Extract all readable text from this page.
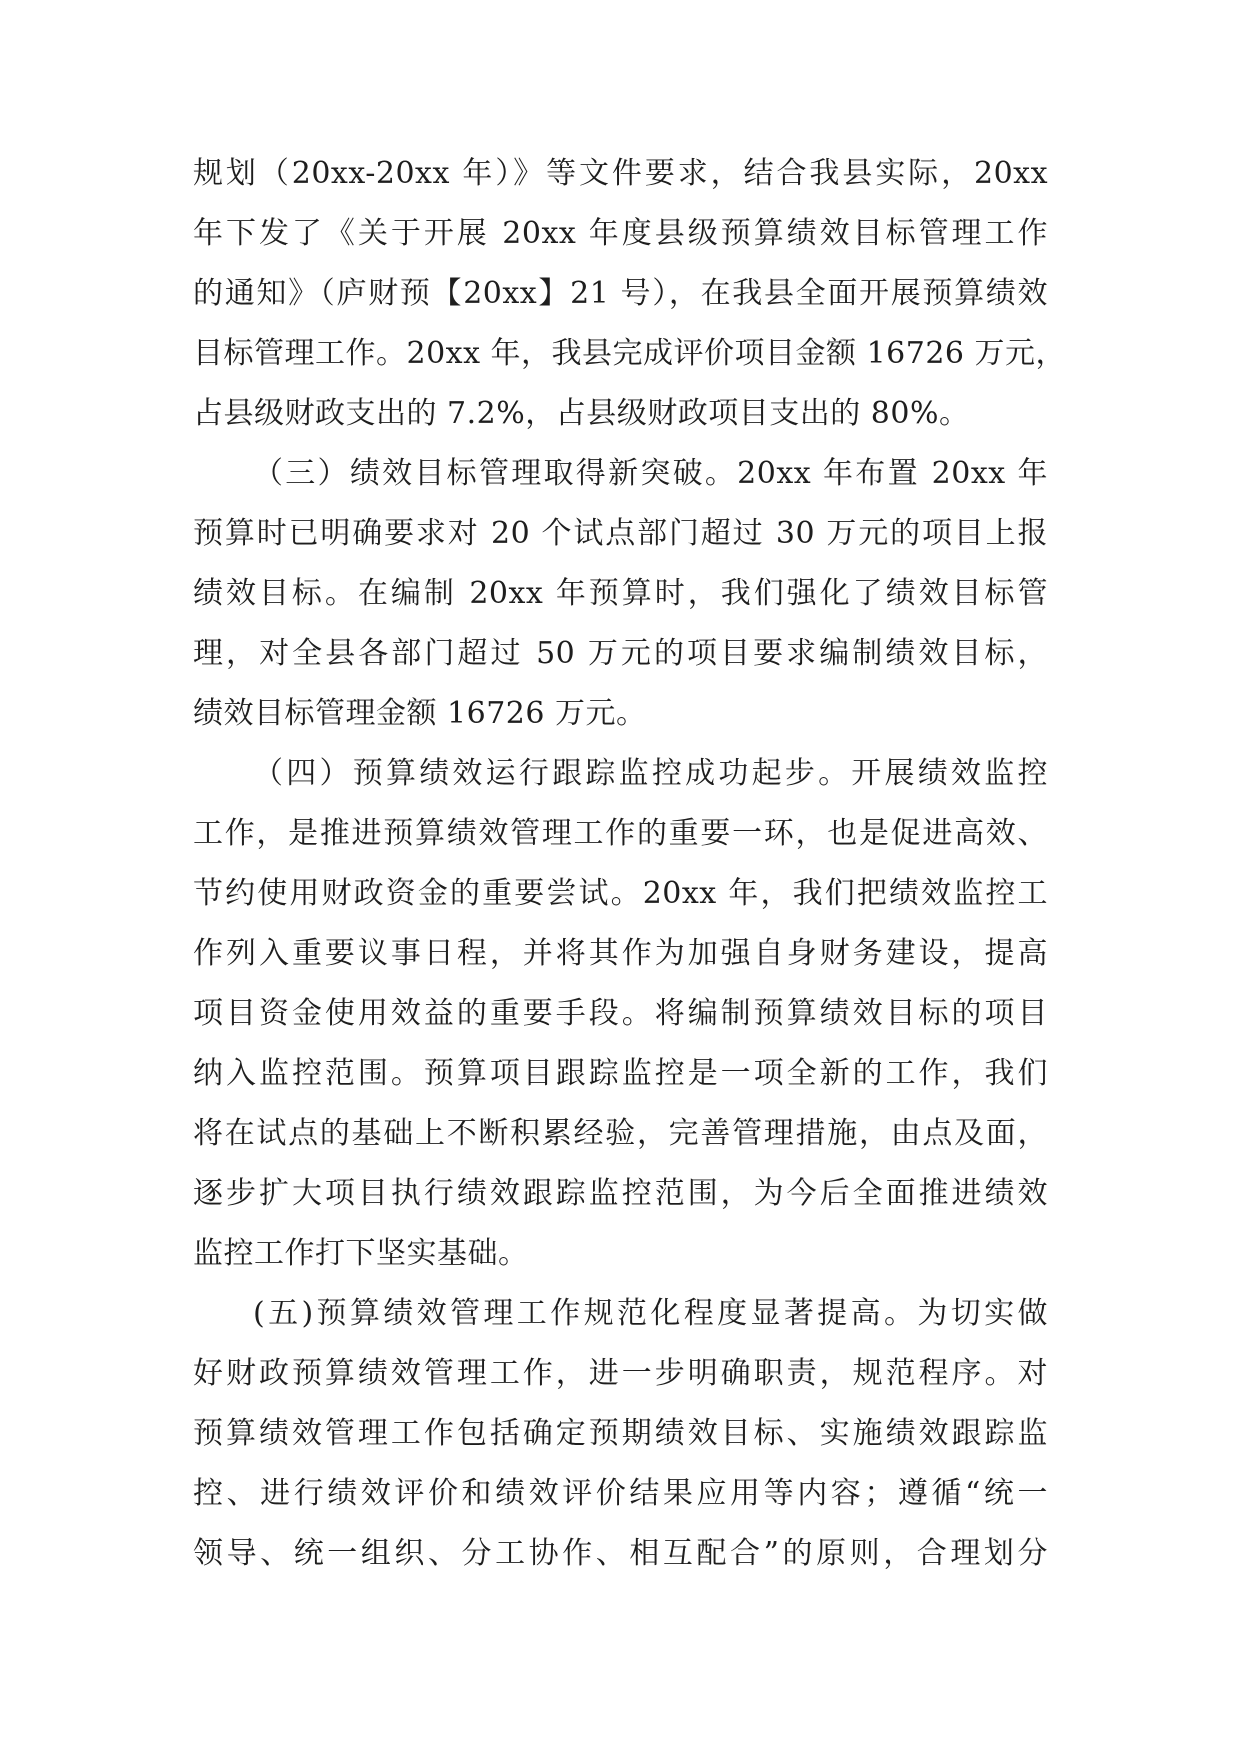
规划（20xx-20xx 年）》等文件要求，结合我县实际，20xx

年下发了《关于开展 20xx 年度县级预算绩效目标管理工作

的通知》（庐财预【20xx】21 号），在我县全面开展预算绩效

目标管理工作。20xx 年，我县完成评价项目金额 16726 万元，

占县级财政支出的 7.2%，占县级财政项目支出的 80%。

（三）绩效目标管理取得新突破。20xx 年布置 20xx 年

预算时已明确要求对 20 个试点部门超过 30 万元的项目上报

绩效目标。在编制 20xx 年预算时，我们强化了绩效目标管

理，对全县各部门超过 50 万元的项目要求编制绩效目标，

绩效目标管理金额 16726 万元。

（四）预算绩效运行跟踪监控成功起步。开展绩效监控

工作，是推进预算绩效管理工作的重要一环，也是促进高效、

节约使用财政资金的重要尝试。20xx 年，我们把绩效监控工

作列入重要议事日程，并将其作为加强自身财务建设，提高

项目资金使用效益的重要手段。将编制预算绩效目标的项目

纳入监控范围。预算项目跟踪监控是一项全新的工作，我们

将在试点的基础上不断积累经验，完善管理措施，由点及面，

逐步扩大项目执行绩效跟踪监控范围，为今后全面推进绩效

监控工作打下坚实基础。

(五)预算绩效管理工作规范化程度显著提高。为切实做

好财政预算绩效管理工作，进一步明确职责，规范程序。对

预算绩效管理工作包括确定预期绩效目标、实施绩效跟踪监

控、进行绩效评价和绩效评价结果应用等内容；遵循“统一

领导、统一组织、分工协作、相互配合”的原则，合理划分
